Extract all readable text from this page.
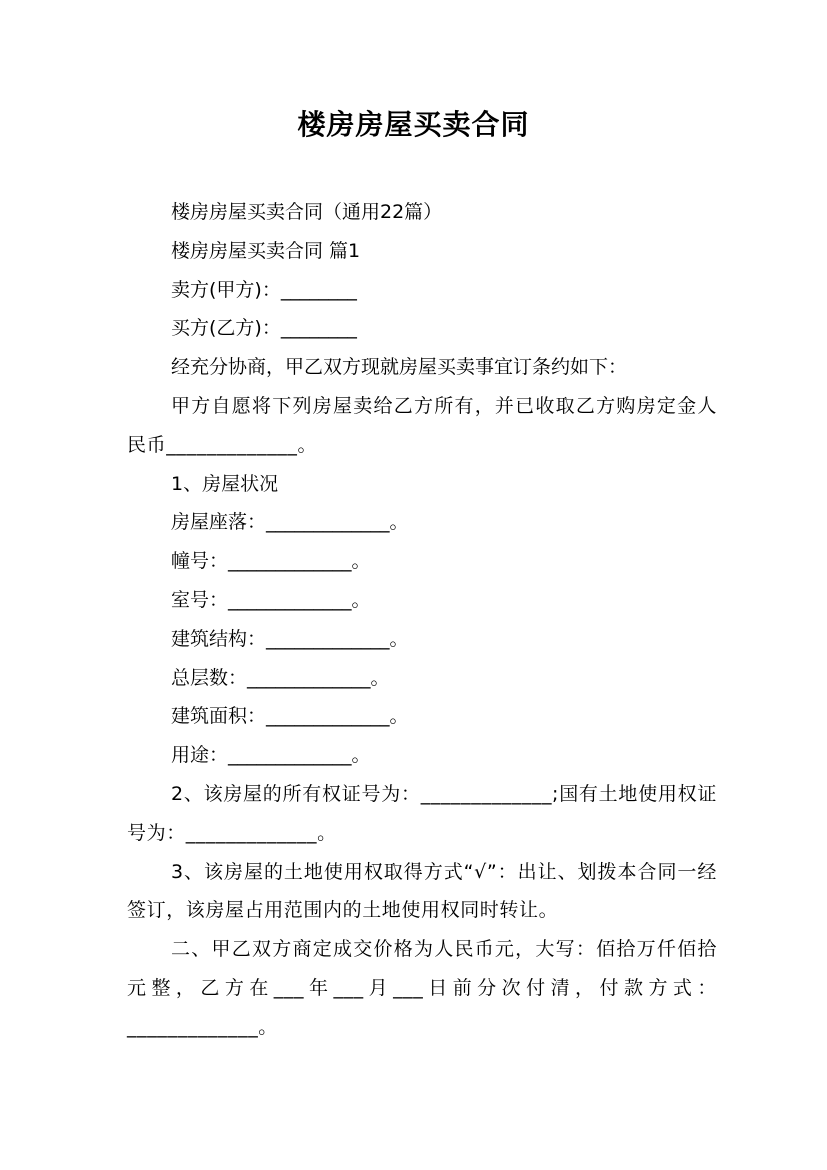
楼房房屋买卖合同

楼房房屋买卖合同（通用22篇）

楼房房屋买卖合同 篇1

卖方(甲方)：________

买方(乙方)：________

经充分协商，甲乙双方现就房屋买卖事宜订条约如下：

甲方自愿将下列房屋卖给乙方所有，并已收取乙方购房定金人民币_____________。

1、房屋状况

房屋座落：_____________。

幢号：_____________。

室号：_____________。

建筑结构：_____________。

总层数：_____________。

建筑面积：_____________。

用途：_____________。

2、该房屋的所有权证号为：_____________;国有土地使用权证号为：_____________。

3、该房屋的土地使用权取得方式“√”：出让、划拨本合同一经签订，该房屋占用范围内的土地使用权同时转让。

二、甲乙双方商定成交价格为人民币元，大写：佰拾万仟佰拾元整，乙方在___年___月___日前分次付清，付款方式：_____________。
